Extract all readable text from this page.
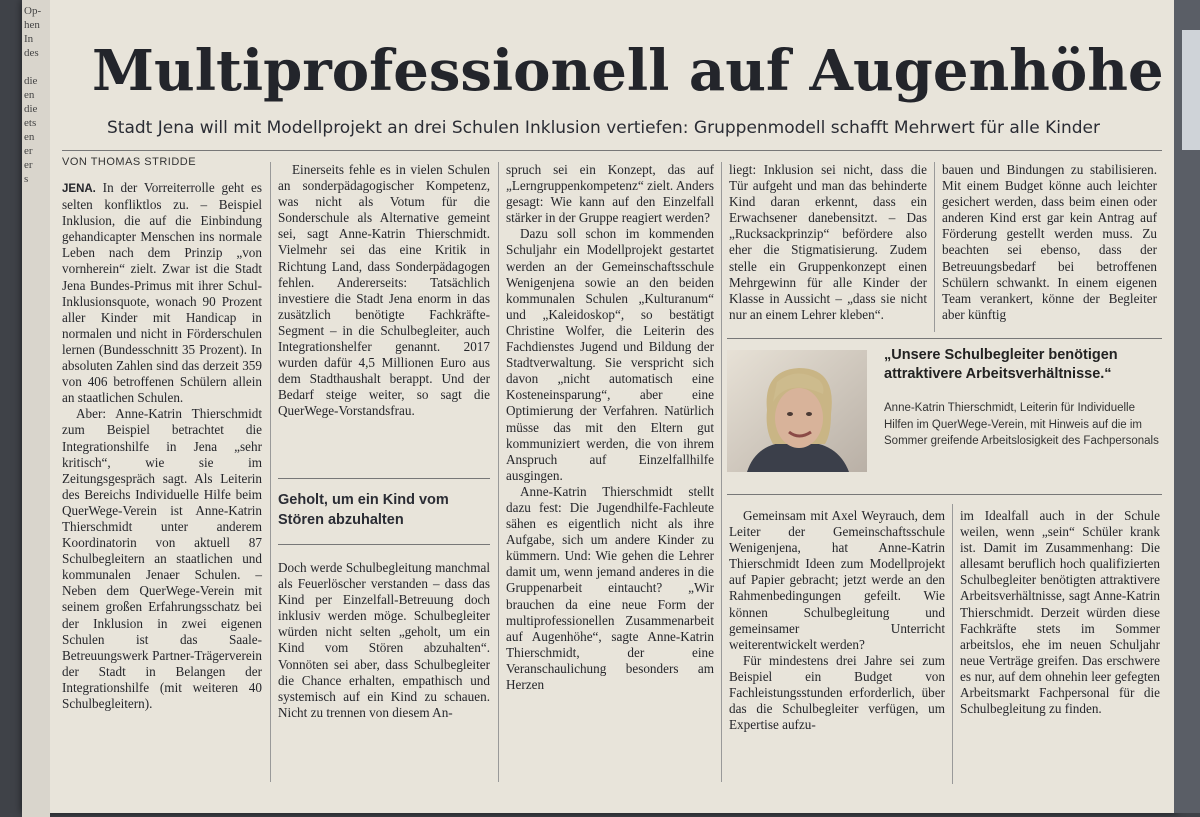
Op-
hen
In
des

die
en
die
ets
en
er
er
s
Multiprofessionell auf Augenhöhe
Stadt Jena will mit Modellprojekt an drei Schulen Inklusion vertiefen: Gruppenmodell schafft Mehrwert für alle Kinder
VON THOMAS STRIDDE

JENA. In der Vorreiterrolle geht es selten konfliktlos zu. – Beispiel Inklusion, die auf die Einbindung gehandicapter Menschen ins normale Leben nach dem Prinzip „von vornherein“ zielt. Zwar ist die Stadt Jena Bundes-Primus mit ihrer Schul-Inklusionsquote, wonach 90 Prozent aller Kinder mit Handicap in normalen und nicht in Förderschulen lernen (Bundesschnitt 35 Prozent). In absoluten Zahlen sind das derzeit 359 von 406 betroffenen Schülern allein an staatlichen Schulen.

Aber: Anne-Katrin Thierschmidt zum Beispiel betrachtet die Integrationshilfe in Jena „sehr kritisch“, wie sie im Zeitungsgespräch sagt. Als Leiterin des Bereichs Individuelle Hilfe beim QuerWege-Verein ist Anne-Katrin Thierschmidt unter anderem Koordinatorin von aktuell 87 Schulbegleitern an staatlichen und kommunalen Jenaer Schulen. – Neben dem QuerWege-Verein mit seinem großen Erfahrungsschatz bei der Inklusion in zwei eigenen Schulen ist das Saale-Betreuungswerk Partner-Trägerverein der Stadt in Belangen der Integrationshilfe (mit weiteren 40 Schulbegleitern).

Einerseits fehle es in vielen Schulen an sonderpädagogischer Kompetenz, was nicht als Votum für die Sonderschule als Alternative gemeint sei, sagt Anne-Katrin Thierschmidt. Vielmehr sei das eine Kritik in Richtung Land, dass Sonderpädagogen fehlen. Andererseits: Tatsächlich investiere die Stadt Jena enorm in das zusätzlich benötigte Fachkräfte-Segment – in die Schulbegleiter, auch Integrationshelfer genannt. 2017 wurden dafür 4,5 Millionen Euro aus dem Stadthaushalt berappt. Und der Bedarf steige weiter, so sagt die QuerWege-Vorstandsfrau.

Geholt, um ein Kind vom Stören abzuhalten

Doch werde Schulbegleitung manchmal als Feuerlöscher verstanden – dass das Kind per Einzelfall-Betreuung doch inklusiv werden möge. Schulbegleiter würden nicht selten „geholt, um ein Kind vom Stören abzuhalten“. Vonnöten sei aber, dass Schulbegleiter die Chance erhalten, empathisch und systemisch auf ein Kind zu schauen. Nicht zu trennen von diesem An-

spruch sei ein Konzept, das auf „Lerngruppenkompetenz“ zielt. Anders gesagt: Wie kann auf den Einzelfall stärker in der Gruppe reagiert werden?

Dazu soll schon im kommenden Schuljahr ein Modellprojekt gestartet werden an der Gemeinschaftsschule Wenigenjena sowie an den beiden kommunalen Schulen „Kulturanum“ und „Kaleidoskop“, so bestätigt Christine Wolfer, die Leiterin des Fachdienstes Jugend und Bildung der Stadtverwaltung. Sie verspricht sich davon „nicht automatisch eine Kosteneinsparung“, aber eine Optimierung der Verfahren. Natürlich müsse das mit den Eltern gut kommuniziert werden, die von ihrem Anspruch auf Einzelfallhilfe ausgingen.

Anne-Katrin Thierschmidt stellt dazu fest: Die Jugendhilfe-Fachleute sähen es eigentlich nicht als ihre Aufgabe, sich um andere Kinder zu kümmern. Und: Wie gehen die Lehrer damit um, wenn jemand anderes in die Gruppenarbeit eintaucht? „Wir brauchen da eine neue Form der multiprofessionellen Zusammenarbeit auf Augenhöhe“, sagte Anne-Katrin Thierschmidt, der eine Veranschaulichung besonders am Herzen

liegt: Inklusion sei nicht, dass die Tür aufgeht und man das behinderte Kind daran erkennt, dass ein Erwachsener danebensitzt. – Das „Rucksackprinzip“ befördere also eher die Stigmatisierung. Zudem stelle ein Gruppenkonzept einen Mehrgewinn für alle Kinder der Klasse in Aussicht – „dass sie nicht nur an einem Lehrer kleben“.

bauen und Bindungen zu stabilisieren. Mit einem Budget könne auch leichter gesichert werden, dass beim einen oder anderen Kind erst gar kein Antrag auf Förderung gestellt werden muss. Zu beachten sei ebenso, dass der Betreuungsbedarf bei betroffenen Schülern schwankt. In einem eigenen Team verankert, könne der Begleiter aber künftig

„Unsere Schulbegleiter benötigen attraktivere Arbeitsverhältnisse.“
Anne-Katrin Thierschmidt, Leiterin für Individuelle Hilfen im QuerWege-Verein, mit Hinweis auf die im Sommer greifende Arbeitslosigkeit des Fachpersonals

Gemeinsam mit Axel Weyrauch, dem Leiter der Gemeinschaftsschule Wenigenjena, hat Anne-Katrin Thierschmidt Ideen zum Modellprojekt auf Papier gebracht; jetzt werde an den Rahmenbedingungen gefeilt. Wie können Schulbegleitung und gemeinsamer Unterricht weiterentwickelt werden?

Für mindestens drei Jahre sei zum Beispiel ein Budget von Fachleistungsstunden erforderlich, über das die Schulbegleiter verfügen, um Expertise aufzu-

im Idealfall auch in der Schule weilen, wenn „sein“ Schüler krank ist. Damit im Zusammenhang: Die allesamt beruflich hoch qualifizierten Schulbegleiter benötigten attraktivere Arbeitsverhältnisse, sagt Anne-Katrin Thierschmidt. Derzeit würden diese Fachkräfte stets im Sommer arbeitslos, ehe im neuen Schuljahr neue Verträge greifen. Das erschwere es nur, auf dem ohnehin leer gefegten Arbeitsmarkt Fachpersonal für die Schulbegleitung zu finden.
